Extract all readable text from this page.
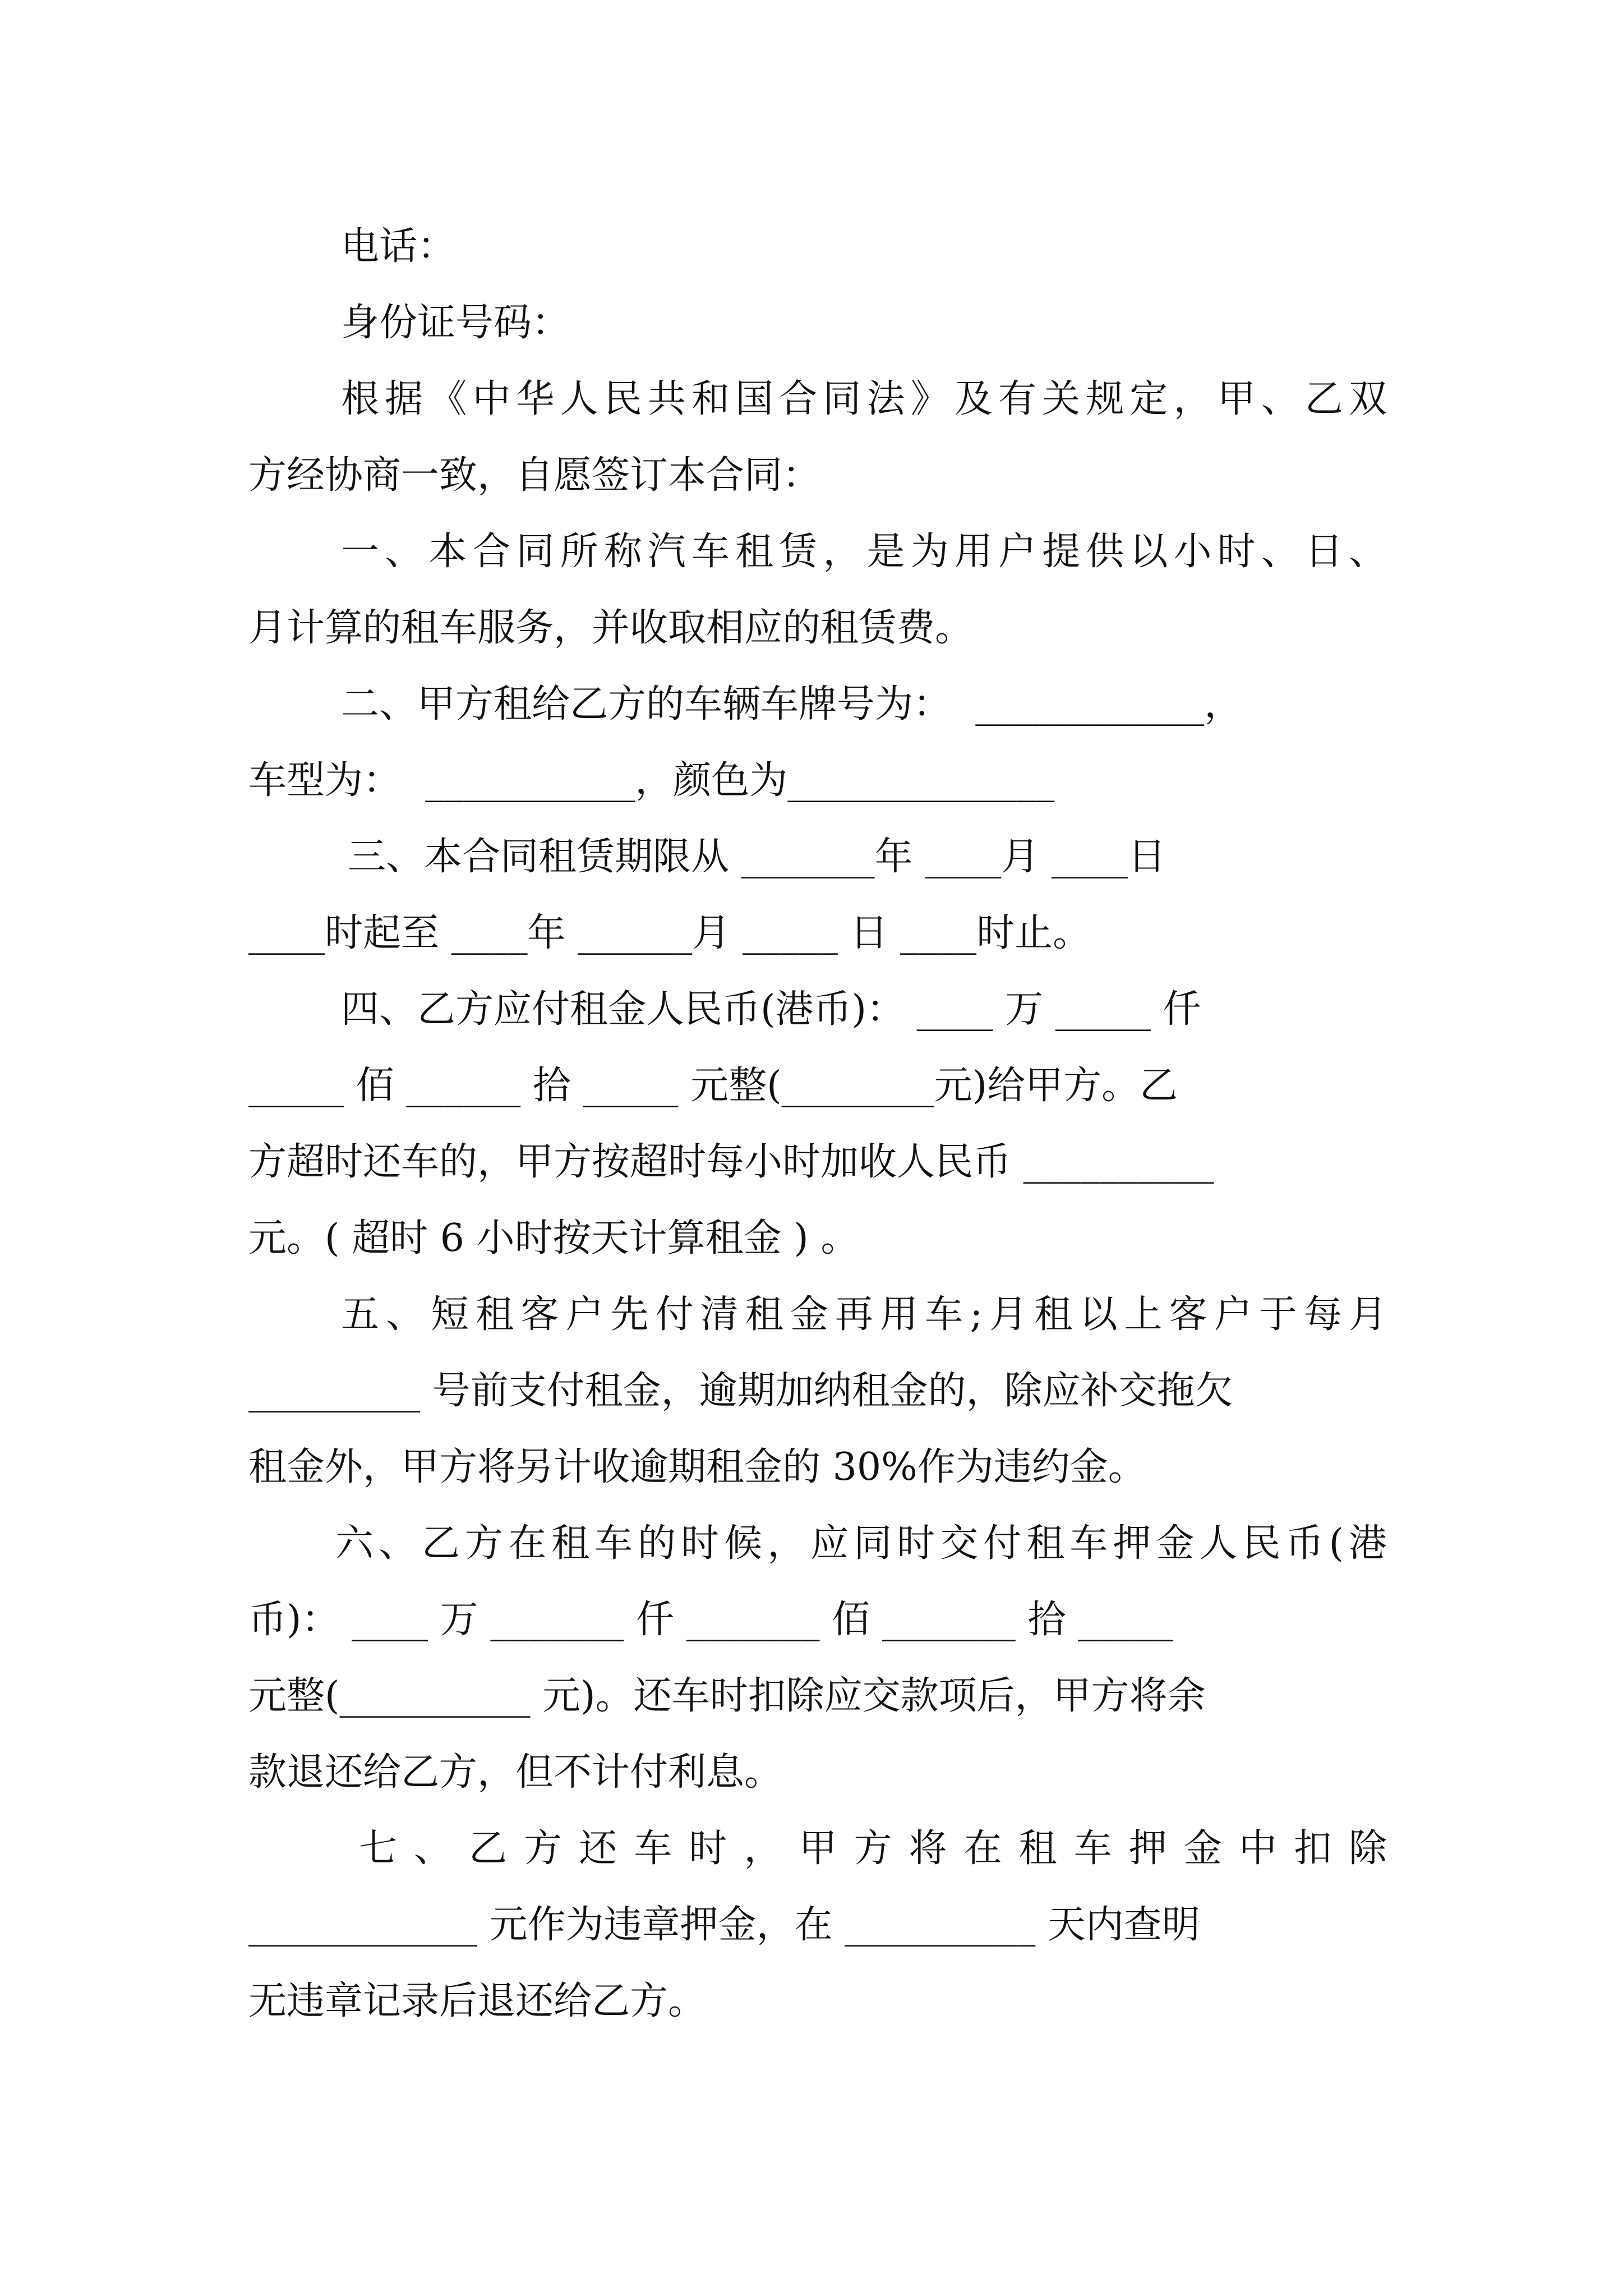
电话：
身份证号码：
根据《中华人民共和国合同法》及有关规定，甲、乙双
方经协商一致，自愿签订本合同：
一、本合同所称汽车租赁，是为用户提供以小时、日、
月计算的租车服务，并收取相应的租赁费。
二、甲方租给乙方的车辆车牌号为：  ____________，
车型为：  ___________，颜色为______________
三、本合同租赁期限从 _______年 ____月 ____日
____时起至 ____年 ______月 _____ 日 ____时止。
四、乙方应付租金人民币(港币)： ____ 万 _____ 仟
_____ 佰 ______ 拾 _____ 元整(________元)给甲方。乙
方超时还车的，甲方按超时每小时加收人民币 __________
元。( 超时 6 小时按天计算租金 ) 。
五、短租客户先付清租金再用车;月租以上客户于每月
_________ 号前支付租金，逾期加纳租金的，除应补交拖欠
租金外，甲方将另计收逾期租金的 30%作为违约金。
六、乙方在租车的时候，应同时交付租车押金人民币(港
币)： ____ 万 _______ 仟 _______ 佰 _______ 拾 _____
元整(__________ 元)。还车时扣除应交款项后，甲方将余
款退还给乙方，但不计付利息。
七、乙方还车时，甲方将在租车押金中扣除
____________ 元作为违章押金，在 __________ 天内查明
无违章记录后退还给乙方。
